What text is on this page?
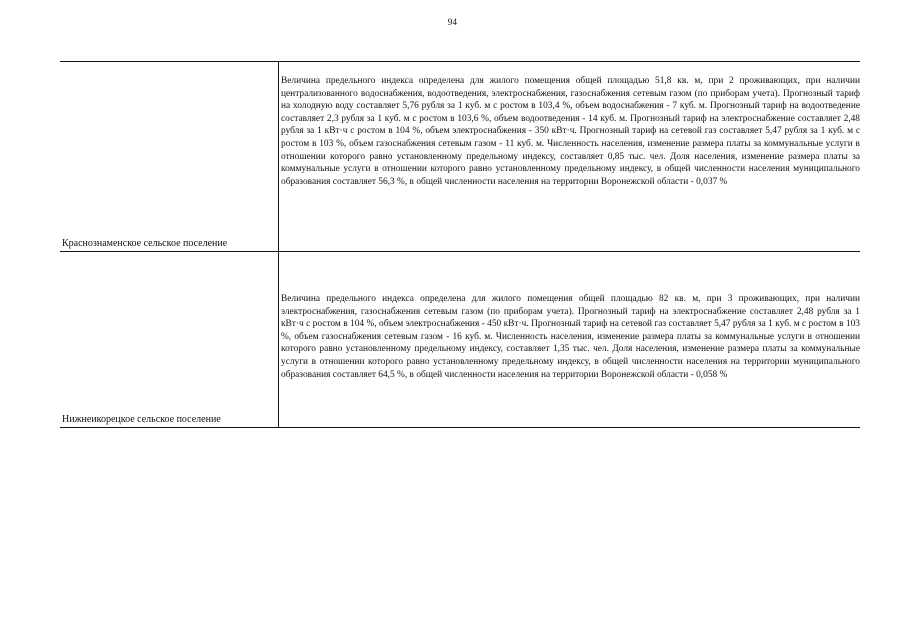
94
Краснознаменское сельское поселение
Величина предельного индекса определена для жилого помещения общей площадью 51,8 кв. м, при 2 проживающих, при наличии централизованного водоснабжения, водоотведения, электроснабжения, газоснабжения сетевым газом (по приборам учета). Прогнозный тариф на холодную воду составляет 5,76 рубля за 1 куб. м с ростом в 103,4 %, объем водоснабжения - 7 куб. м. Прогнозный тариф на водоотведение составляет 2,3 рубля за 1 куб. м с ростом в 103,6 %, объем водоотведения - 14 куб. м. Прогнозный тариф на электроснабжение составляет 2,48 рубля за 1 кВт·ч с ростом в 104 %, объем электроснабжения - 350 кВт·ч. Прогнозный тариф на сетевой газ составляет 5,47 рубля за 1 куб. м с ростом в 103 %, объем газоснабжения сетевым газом - 11 куб. м. Численность населения, изменение размера платы за коммунальные услуги в отношении которого равно установленному предельному индексу, составляет 0,85 тыс. чел. Доля населения, изменение размера платы за коммунальные услуги в отношении которого равно установленному предельному индексу, в общей численности населения муниципального образования составляет 56,3 %, в общей численности населения на территории Воронежской области - 0,037 %
Нижнеикорецкое сельское поселение
Величина предельного индекса определена для жилого помещения общей площадью 82 кв. м, при 3 проживающих, при наличии электроснабжения, газоснабжения сетевым газом (по приборам учета). Прогнозный тариф на электроснабжение составляет 2,48 рубля за 1 кВт·ч с ростом в 104 %, объем электроснабжения - 450 кВт·ч. Прогнозный тариф на сетевой газ составляет 5,47 рубля за 1 куб. м с ростом в 103 %, объем газоснабжения сетевым газом - 16 куб. м. Численность населения, изменение размера платы за коммунальные услуги в отношении которого равно установленному предельному индексу, составляет 1,35 тыс. чел. Доля населения, изменение размера платы за коммунальные услуги в отношении которого равно установленному предельному индексу, в общей численности населения на территории муниципального образования составляет 64,5 %, в общей численности населения на территории Воронежской области - 0,058 %
